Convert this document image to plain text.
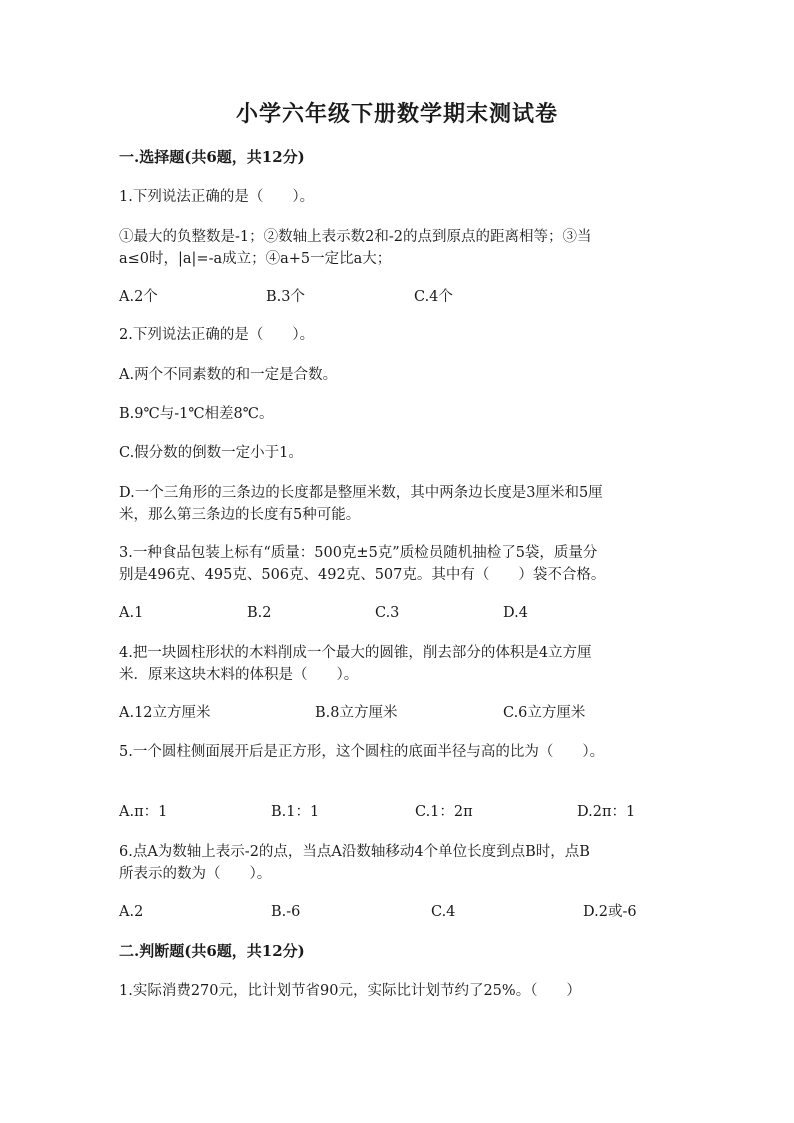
小学六年级下册数学期末测试卷
一.选择题(共6题，共12分)
1.下列说法正确的是（　　）。
①最大的负整数是-1；②数轴上表示数2和-2的点到原点的距离相等；③当
a≤0时，|a|=-a成立；④a+5一定比a大；
A.2个	B.3个	C.4个
2.下列说法正确的是（　　）。
A.两个不同素数的和一定是合数。
B.9℃与-1℃相差8℃。
C.假分数的倒数一定小于1。
D.一个三角形的三条边的长度都是整厘米数，其中两条边长度是3厘米和5厘
米，那么第三条边的长度有5种可能。
3.一种食品包装上标有“质量：500克±5克”质检员随机抽检了5袋，质量分
别是496克、495克、506克、492克、507克。其中有（　　）袋不合格。
A.1	B.2	C.3	D.4
4.把一块圆柱形状的木料削成一个最大的圆锥，削去部分的体积是4立方厘
米．原来这块木料的体积是（　　）。
A.12立方厘米	B.8立方厘米	C.6立方厘米
5.一个圆柱侧面展开后是正方形，这个圆柱的底面半径与高的比为（　　）。
A.π：1	B.1：1	C.1：2π	D.2π：1
6.点A为数轴上表示-2的点，当点A沿数轴移动4个单位长度到点B时，点B
所表示的数为（　　）。
A.2	B.-6	C.4	D.2或-6
二.判断题(共6题，共12分)
1.实际消费270元，比计划节省90元，实际比计划节约了25%。（　　）
